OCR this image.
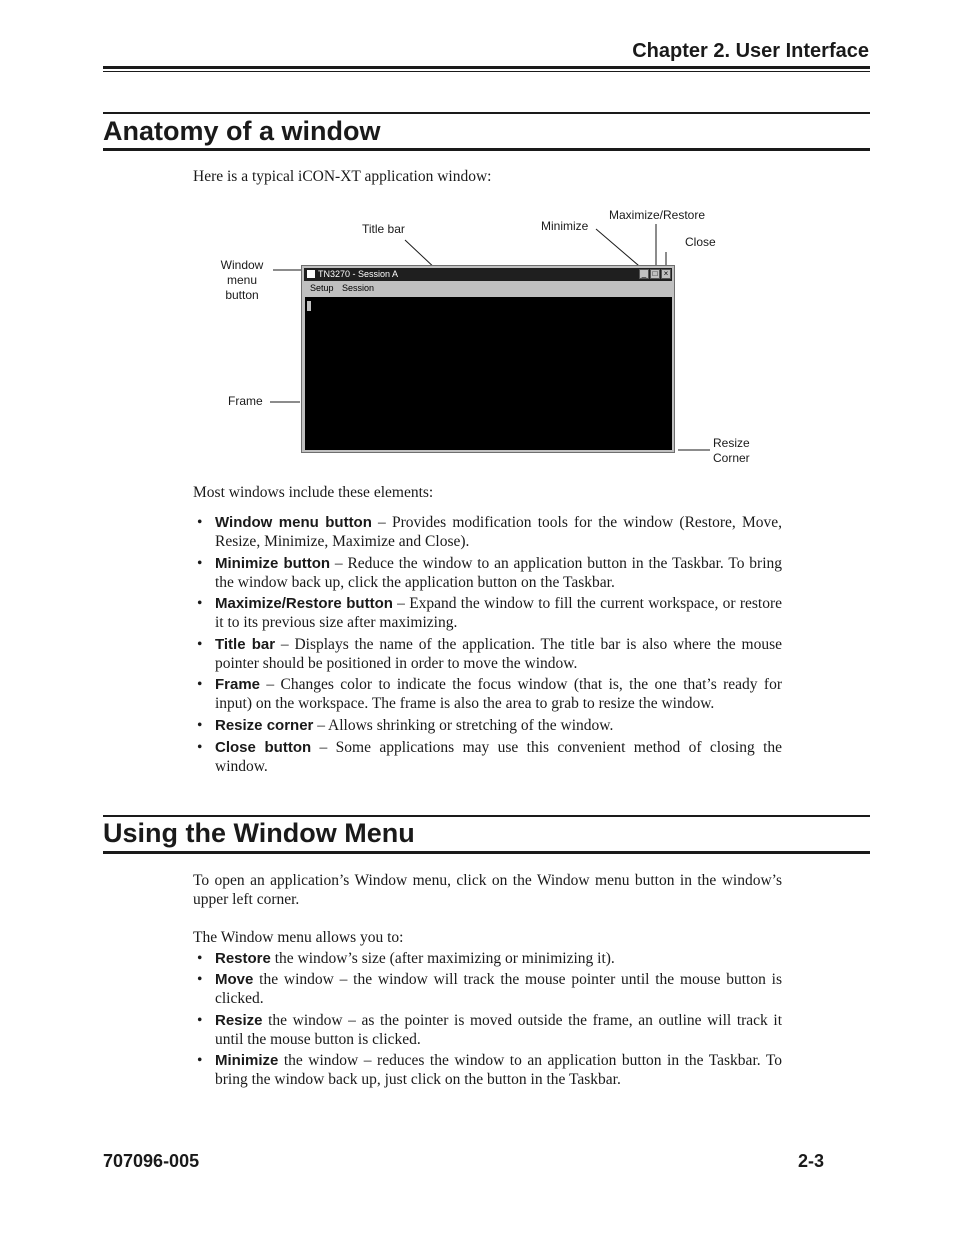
Chapter 2. User Interface
Anatomy of a window
Here is a typical iCON-XT application window:
Title bar	Minimize
Maximize/Restore
Close
Window
menu
button
Frame
Resize
Corner
TN3270 - Session A	_ □ ×
Setup Session
Most windows include these elements:
• Window menu button – Provides modification tools for the window (Restore, Move, Resize, Minimize, Maximize and Close).
• Minimize button – Reduce the window to an application button in the Taskbar. To bring the window back up, click the application button on the Taskbar.
• Maximize/Restore button – Expand the window to fill the current workspace, or restore it to its previous size after maximizing.
• Title bar – Displays the name of the application. The title bar is also where the mouse pointer should be positioned in order to move the window.
• Frame – Changes color to indicate the focus window (that is, the one that’s ready for input) on the workspace. The frame is also the area to grab to resize the window.
• Resize corner – Allows shrinking or stretching of the window.
• Close button – Some applications may use this convenient method of closing the window.
Using the Window Menu
To open an application’s Window menu, click on the Window menu button in the window’s upper left corner.
The Window menu allows you to:
• Restore the window’s size (after maximizing or minimizing it).
• Move the window – the window will track the mouse pointer until the mouse button is clicked.
• Resize the window – as the pointer is moved outside the frame, an outline will track it until the mouse button is clicked.
• Minimize the window – reduces the window to an application button in the Taskbar. To bring the window back up, just click on the button in the Taskbar.
707096-005	2-3
